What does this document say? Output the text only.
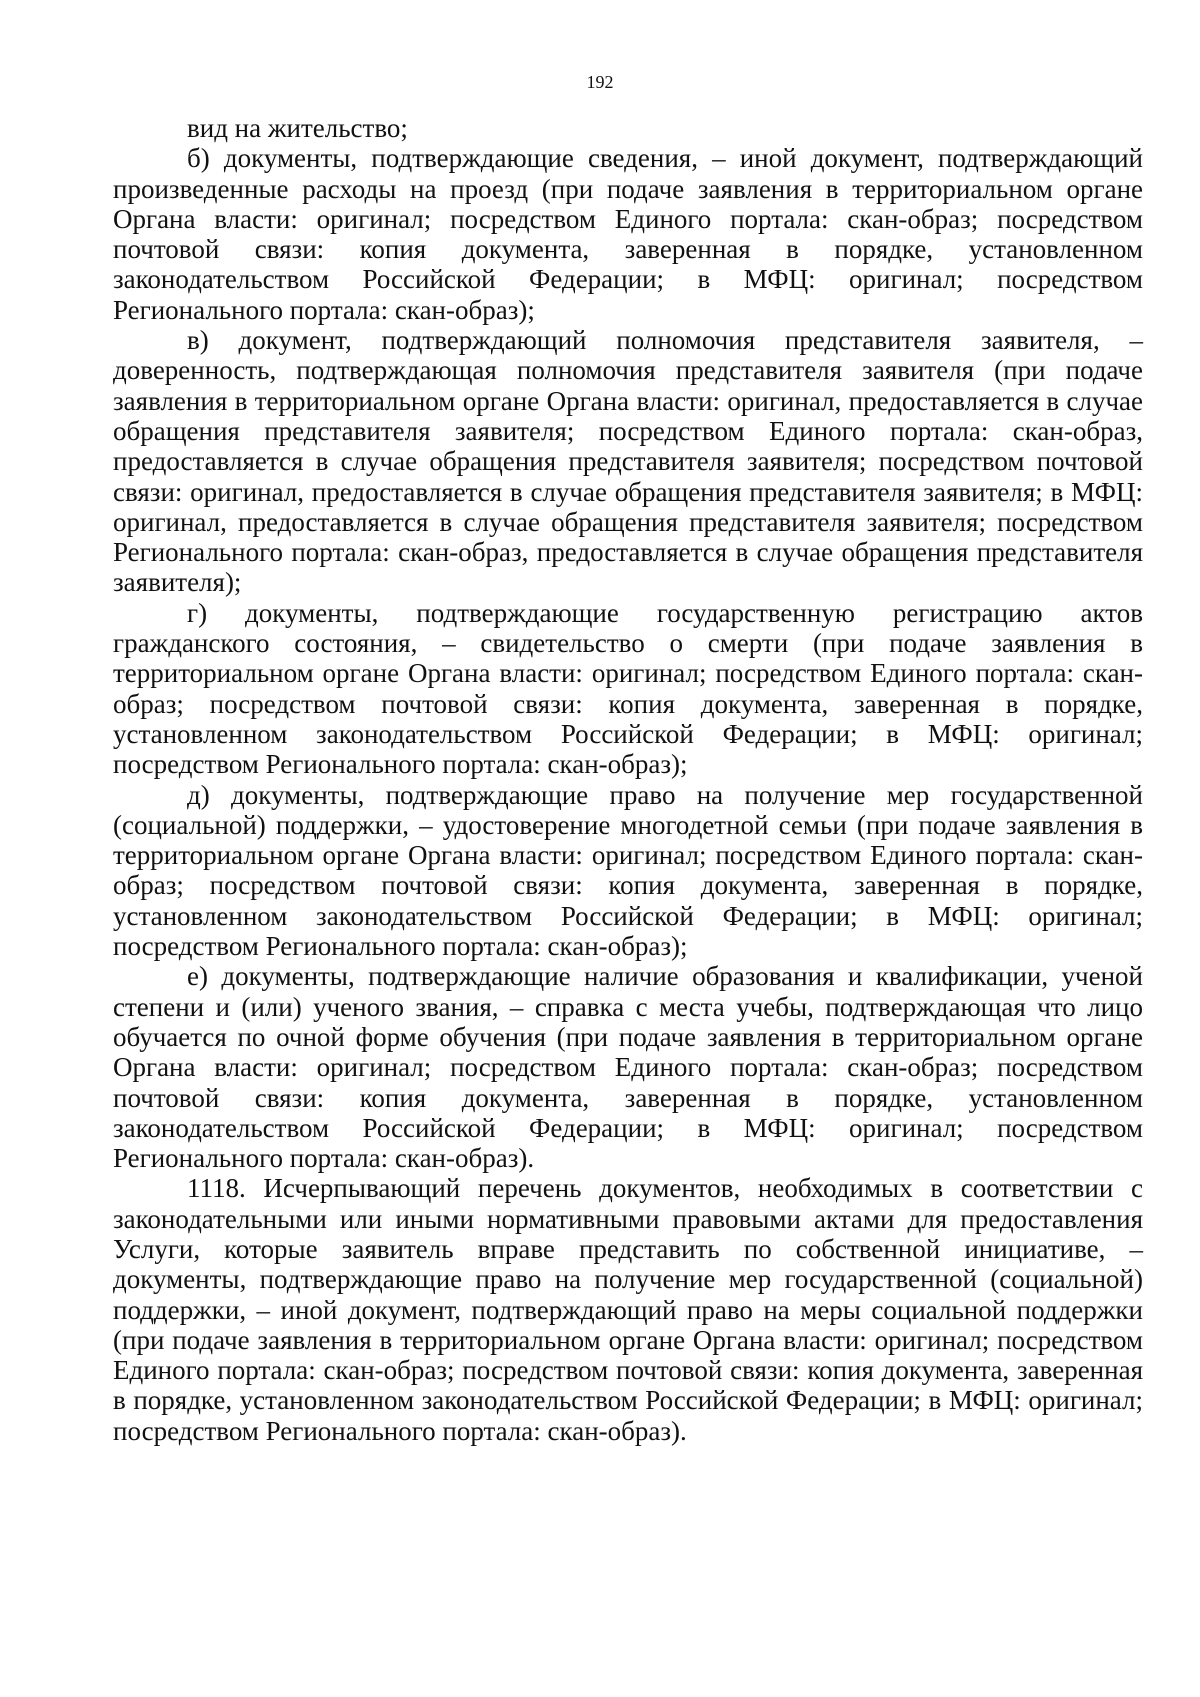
192

вид на жительство;

б) документы, подтверждающие сведения, – иной документ, подтверждающий произведенные расходы на проезд (при подаче заявления в территориальном органе Органа власти: оригинал; посредством Единого портала: скан-образ; посредством почтовой связи: копия документа, заверенная в порядке, установленном законодательством Российской Федерации; в МФЦ: оригинал; посредством Регионального портала: скан-образ);

в) документ, подтверждающий полномочия представителя заявителя, – доверенность, подтверждающая полномочия представителя заявителя (при подаче заявления в территориальном органе Органа власти: оригинал, предоставляется в случае обращения представителя заявителя; посредством Единого портала: скан-образ, предоставляется в случае обращения представителя заявителя; посредством почтовой связи: оригинал, предоставляется в случае обращения представителя заявителя; в МФЦ: оригинал, предоставляется в случае обращения представителя заявителя; посредством Регионального портала: скан-образ, предоставляется в случае обращения представителя заявителя);

г) документы, подтверждающие государственную регистрацию актов гражданского состояния, – свидетельство о смерти (при подаче заявления в территориальном органе Органа власти: оригинал; посредством Единого портала: скан-образ; посредством почтовой связи: копия документа, заверенная в порядке, установленном законодательством Российской Федерации; в МФЦ: оригинал; посредством Регионального портала: скан-образ);

д) документы, подтверждающие право на получение мер государственной (социальной) поддержки, – удостоверение многодетной семьи (при подаче заявления в территориальном органе Органа власти: оригинал; посредством Единого портала: скан-образ; посредством почтовой связи: копия документа, заверенная в порядке, установленном законодательством Российской Федерации; в МФЦ: оригинал; посредством Регионального портала: скан-образ);

е) документы, подтверждающие наличие образования и квалификации, ученой степени и (или) ученого звания, – справка с места учебы, подтверждающая что лицо обучается по очной форме обучения (при подаче заявления в территориальном органе Органа власти: оригинал; посредством Единого портала: скан-образ; посредством почтовой связи: копия документа, заверенная в порядке, установленном законодательством Российской Федерации; в МФЦ: оригинал; посредством Регионального портала: скан-образ).

1118. Исчерпывающий перечень документов, необходимых в соответствии с законодательными или иными нормативными правовыми актами для предоставления Услуги, которые заявитель вправе представить по собственной инициативе, – документы, подтверждающие право на получение мер государственной (социальной) поддержки, – иной документ, подтверждающий право на меры социальной поддержки (при подаче заявления в территориальном органе Органа власти: оригинал; посредством Единого портала: скан-образ; посредством почтовой связи: копия документа, заверенная в порядке, установленном законодательством Российской Федерации; в МФЦ: оригинал; посредством Регионального портала: скан-образ).
